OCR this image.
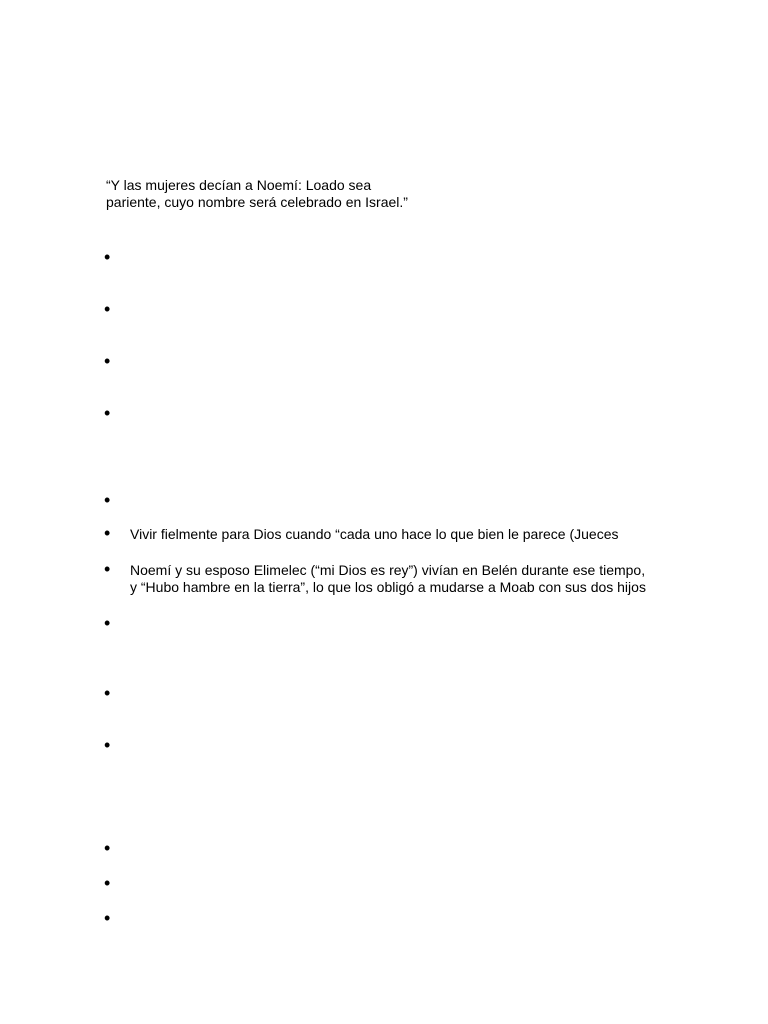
“Y las mujeres decían a Noemí: Loado sea
pariente, cuyo nombre será celebrado en Israel.”
•
•
•
•
•
• Vivir fielmente para Dios cuando “cada uno hace lo que bien le parece (Jueces
• Noemí y su esposo Elimelec (“mi Dios es rey”) vivían en Belén durante ese tiempo,
y “Hubo hambre en la tierra”, lo que los obligó a mudarse a Moab con sus dos hijos
•
•
•
•
•
•
